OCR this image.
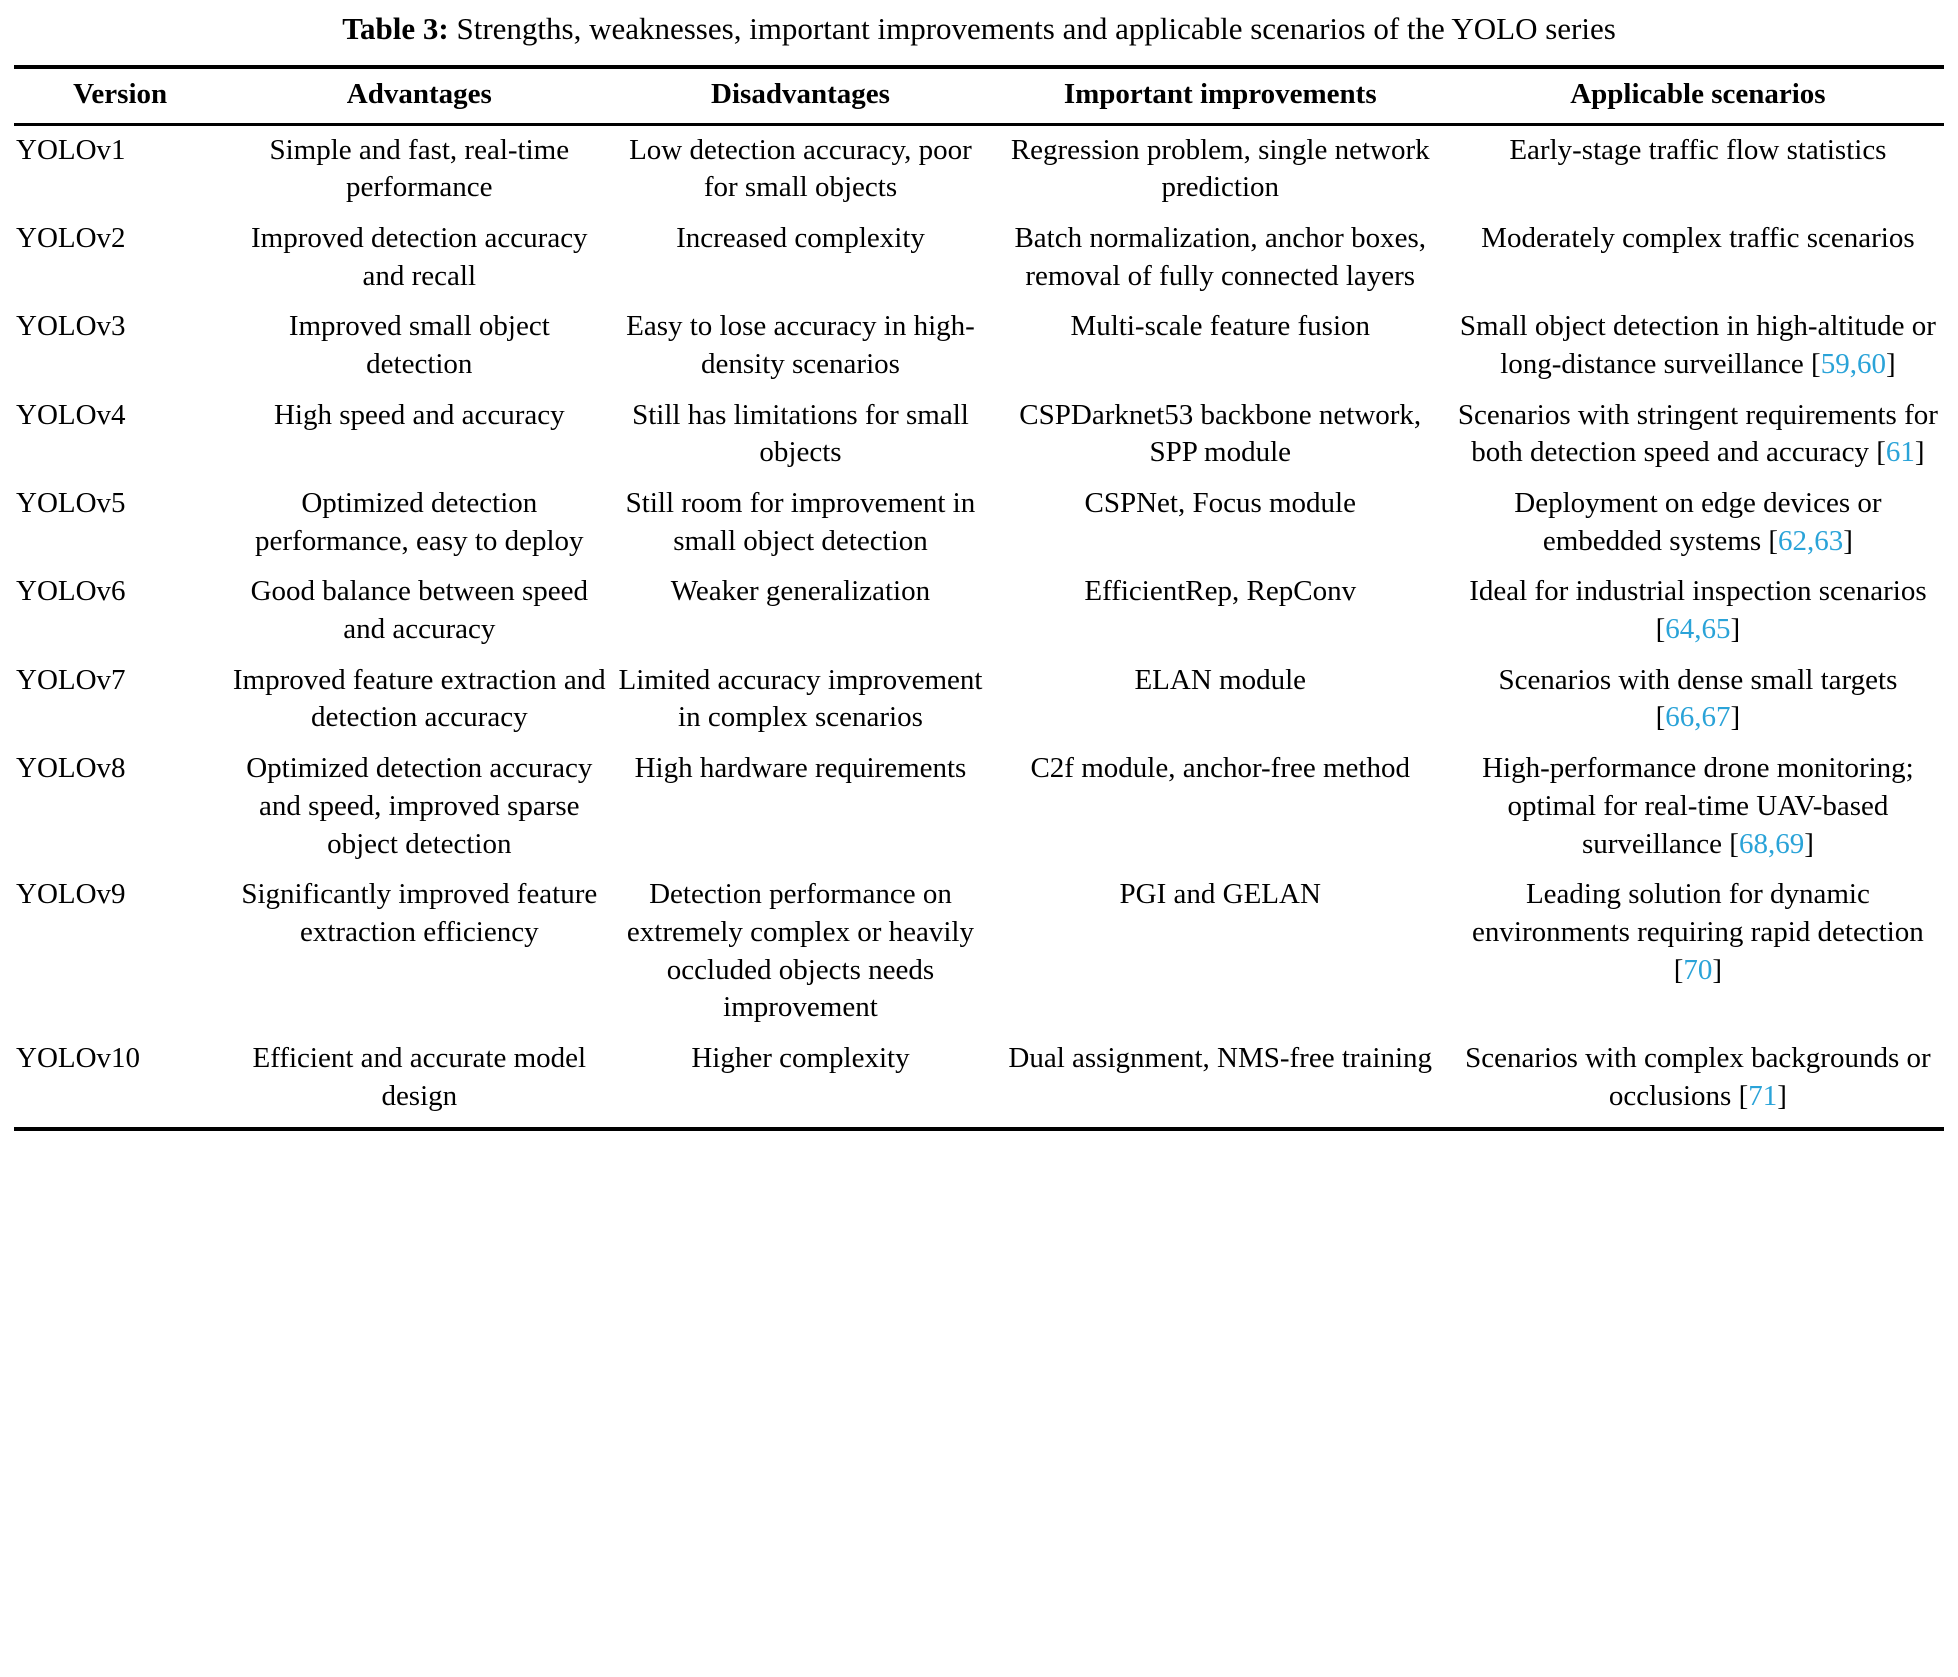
Table 3: Strengths, weaknesses, important improvements and applicable scenarios of the YOLO series
Version	Advantages	Disadvantages	Important improvements	Applicable scenarios
YOLOv1	Simple and fast, real-time performance	Low detection accuracy, poor for small objects	Regression problem, single network prediction	Early-stage traffic flow statistics
YOLOv2	Improved detection accuracy and recall	Increased complexity	Batch normalization, anchor boxes, removal of fully connected layers	Moderately complex traffic scenarios
YOLOv3	Improved small object detection	Easy to lose accuracy in high-density scenarios	Multi-scale feature fusion	Small object detection in high-altitude or long-distance surveillance [59,60]
YOLOv4	High speed and accuracy	Still has limitations for small objects	CSPDarknet53 backbone network, SPP module	Scenarios with stringent requirements for both detection speed and accuracy [61]
YOLOv5	Optimized detection performance, easy to deploy	Still room for improvement in small object detection	CSPNet, Focus module	Deployment on edge devices or embedded systems [62,63]
YOLOv6	Good balance between speed and accuracy	Weaker generalization	EfficientRep, RepConv	Ideal for industrial inspection scenarios [64,65]
YOLOv7	Improved feature extraction and detection accuracy	Limited accuracy improvement in complex scenarios	ELAN module	Scenarios with dense small targets [66,67]
YOLOv8	Optimized detection accuracy and speed, improved sparse object detection	High hardware requirements	C2f module, anchor-free method	High-performance drone monitoring; optimal for real-time UAV-based surveillance [68,69]
YOLOv9	Significantly improved feature extraction efficiency	Detection performance on extremely complex or heavily occluded objects needs improvement	PGI and GELAN	Leading solution for dynamic environments requiring rapid detection [70]
YOLOv10	Efficient and accurate model design	Higher complexity	Dual assignment, NMS-free training	Scenarios with complex backgrounds or occlusions [71]
